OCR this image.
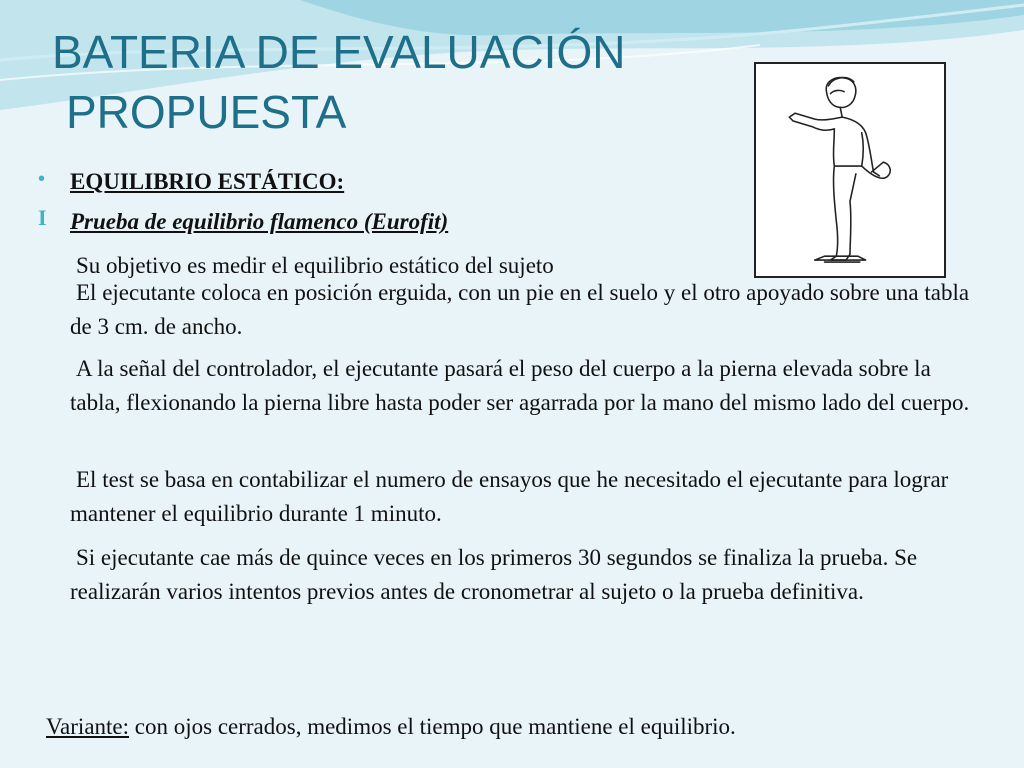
BATERIA DE EVALUACIÓN
PROPUESTA
• EQUILIBRIO ESTÁTICO:
I Prueba de equilibrio flamenco (Eurofit)
Su objetivo es medir el equilibrio estático del sujeto

El ejecutante coloca en posición erguida, con un pie en el suelo y el otro apoyado sobre una tabla de 3 cm. de ancho.

A la señal del controlador, el ejecutante pasará el peso del cuerpo a la pierna elevada sobre la tabla, flexionando la pierna libre hasta poder ser agarrada por la mano del mismo lado del cuerpo.

El test se basa en contabilizar el numero de ensayos que he necesitado el ejecutante para lograr mantener el equilibrio durante 1 minuto.

Si ejecutante cae más de quince veces en los primeros 30 segundos se finaliza la prueba. Se realizarán varios intentos previos antes de cronometrar al sujeto o la prueba definitiva.

Variante: con ojos cerrados, medimos el tiempo que mantiene el equilibrio.
